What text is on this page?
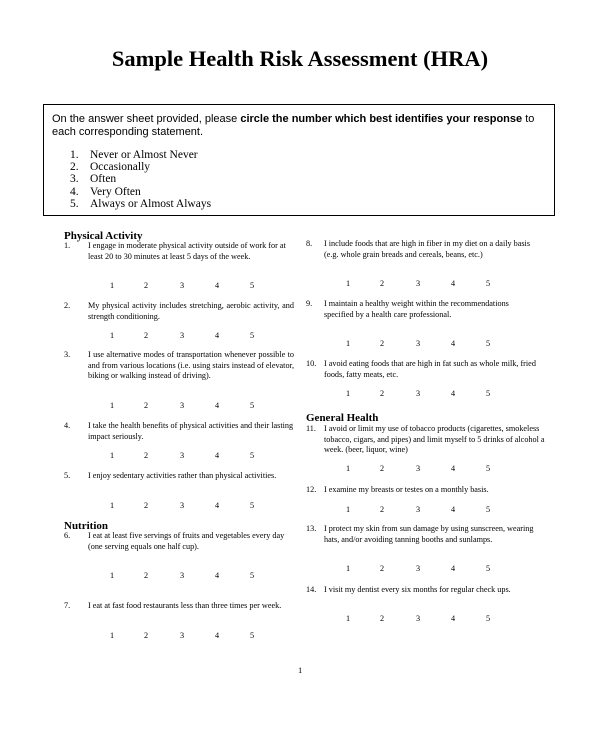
Sample Health Risk Assessment (HRA)
On the answer sheet provided, please circle the number which best identifies your response to each corresponding statement.
1. Never or Almost Never
2. Occasionally
3. Often
4. Very Often
5. Always or Almost Always
Physical Activity
1. I engage in moderate physical activity outside of work for at least 20 to 30 minutes at least 5 days of the week.
1	2	3	4	5
2. My physical activity includes stretching, aerobic activity, and strength conditioning.
1	2	3	4	5
3. I use alternative modes of transportation whenever possible to and from various locations (i.e. using stairs instead of elevator, biking or walking instead of driving).
1	2	3	4	5
4. I take the health benefits of physical activities and their lasting impact seriously.
1	2	3	4	5
5. I enjoy sedentary activities rather than physical activities.
1	2	3	4	5
Nutrition
6. I eat at least five servings of fruits and vegetables every day (one serving equals one half cup).
1	2	3	4	5
7. I eat at fast food restaurants less than three times per week.
1	2	3	4	5
8. I include foods that are high in fiber in my diet on a daily basis (e.g. whole grain breads and cereals, beans, etc.)
1	2	3	4	5
9. I maintain a healthy weight within the recommendations specified by a health care professional.
1	2	3	4	5
10. I avoid eating foods that are high in fat such as whole milk, fried foods, fatty meats, etc.
1	2	3	4	5
General Health
11. I avoid or limit my use of tobacco products (cigarettes, smokeless tobacco, cigars, and pipes) and limit myself to 5 drinks of alcohol a week. (beer, liquor, wine)
1	2	3	4	5
12. I examine my breasts or testes on a monthly basis.
1	2	3	4	5
13. I protect my skin from sun damage by using sunscreen, wearing hats, and/or avoiding tanning booths and sunlamps.
1	2	3	4	5
14. I visit my dentist every six months for regular check ups.
1	2	3	4	5
1
